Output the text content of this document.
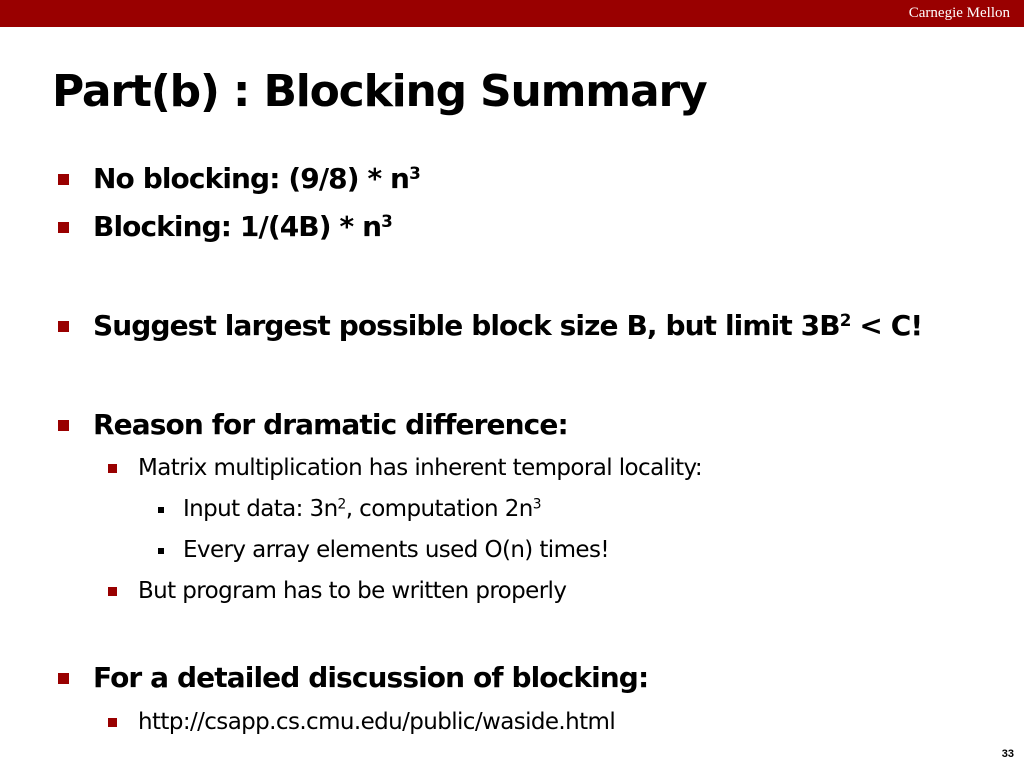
Carnegie Mellon
Part(b) : Blocking Summary
No blocking: $(9/8) * n^3$
Blocking: $1/(4B) * n^3$
Suggest largest possible block size B, but limit $3B^2 < C$!
Reason for dramatic difference:
Matrix multiplication has inherent temporal locality:
Input data: $3n^2$, computation $2n^3$
Every array elements used O(n) times!
But program has to be written properly
For a detailed discussion of blocking:
http://csapp.cs.cmu.edu/public/waside.html
33
